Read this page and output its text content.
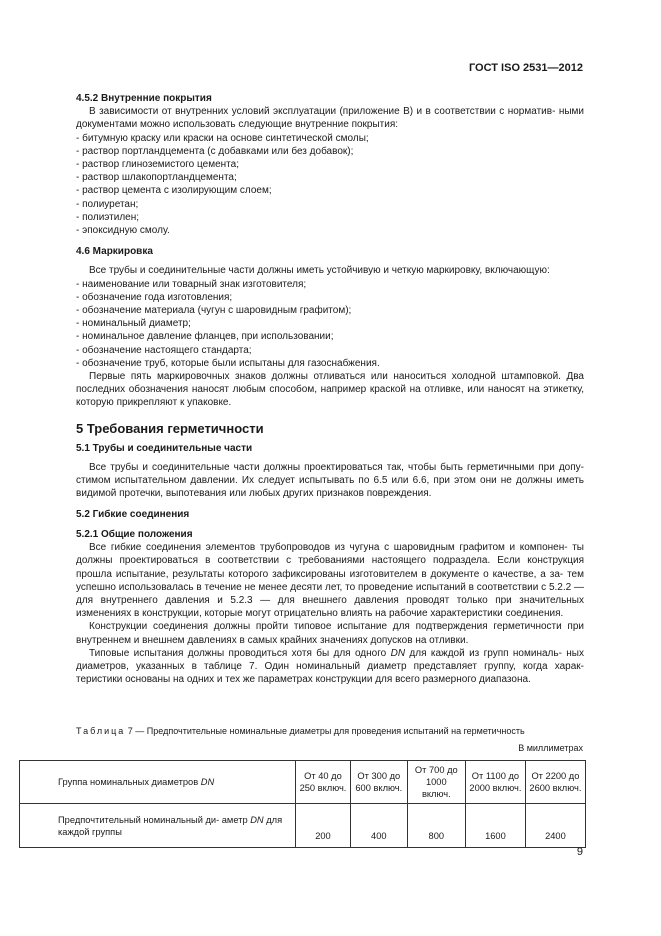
ГОСТ ISO 2531—2012

4.5.2 Внутренние покрытия

В зависимости от внутренних условий эксплуатации (приложение В) и в соответствии с норматив- ными документами можно использовать следующие внутренние покрытия:

- битумную краску или краски на основе синтетической смолы;

- раствор портландцемента (с добавками или без добавок);

- раствор глиноземистого цемента;

- раствор шлакопортландцемента;

- раствор цемента с изолирующим слоем;

- полиуретан;

- полиэтилен;

- эпоксидную смолу.

4.6 Маркировка

Все трубы и соединительные части должны иметь устойчивую и четкую маркировку, включающую:

- наименование или товарный знак изготовителя;

- обозначение года изготовления;

- обозначение материала (чугун с шаровидным графитом);

- номинальный диаметр;

- номинальное давление фланцев, при использовании;

- обозначение настоящего стандарта;

- обозначение труб, которые были испытаны для газоснабжения.

Первые пять маркировочных знаков должны отливаться или наноситься холодной штамповкой. Два последних обозначения наносят любым способом, например краской на отливке, или наносят на этикетку, которую прикрепляют к упаковке.

5 Требования герметичности

5.1 Трубы и соединительные части

Все трубы и соединительные части должны проектироваться так, чтобы быть герметичными при допу- стимом испытательном давлении. Их следует испытывать по 6.5 или 6.6, при этом они не должны иметь видимой протечки, выпотевания или любых других признаков повреждения.

5.2 Гибкие соединения

5.2.1 Общие положения

Все гибкие соединения элементов трубопроводов из чугуна с шаровидным графитом и компонен- ты должны проектироваться в соответствии с требованиями настоящего подраздела. Если конструкция прошла испытание, результаты которого зафиксированы изготовителем в документе о качестве, а за- тем успешно использовалась в течение не менее десяти лет, то проведение испытаний в соответствии с 5.2.2 — для внутреннего давления и 5.2.3 — для внешнего давления проводят только при значительных изменениях в конструкции, которые могут отрицательно влиять на рабочие характеристики соединения.

Конструкции соединения должны пройти типовое испытание для подтверждения герметичности при внутреннем и внешнем давлениях в самых крайних значениях допусков на отливки.

Типовые испытания должны проводиться хотя бы для одного DN для каждой из групп номиналь- ных диаметров, указанных в таблице 7. Один номинальный диаметр представляет группу, когда харак- теристики основаны на одних и тех же параметрах конструкции для всего размерного диапазона.

Таблица 7 — Предпочтительные номинальные диаметры для проведения испытаний на герметичность
В миллиметрах
Группа номинальных диаметров DN	От 40 до 250 включ.	От 300 до 600 включ.	От 700 до 1000 включ.	От 1100 до 2000 включ.	От 2200 до 2600 включ.
Предпочтительный номинальный ди- аметр DN для каждой группы	200	400	800	1600	2400
9
